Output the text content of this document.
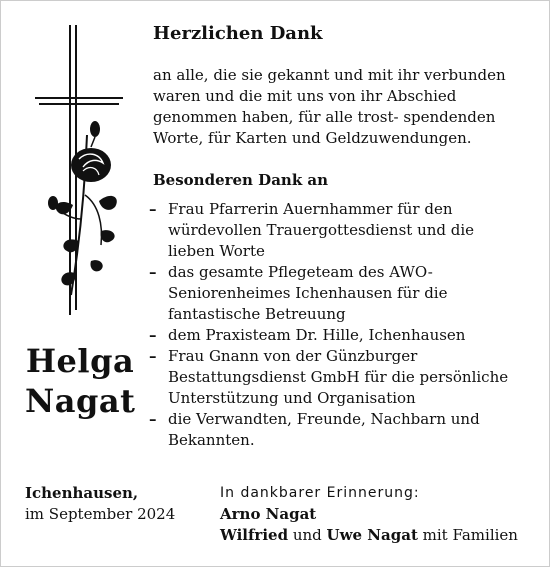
Helga
Nagat
Herzlichen Dank
an alle, die sie gekannt und mit ihr verbunden
waren und die mit uns von ihr Abschied
genommen haben, für alle trost- spendenden
Worte, für Karten und Geldzuwendungen.
Besonderen Dank an
– Frau Pfarrerin Auernhammer für den
würdevollen Trauergottesdienst und die
lieben Worte
– das gesamte Pflegeteam des AWO-
Seniorenheimes Ichenhausen für die
fantastische Betreuung
– dem Praxisteam Dr. Hille, Ichenhausen
– Frau Gnann von der Günzburger
Bestattungsdienst GmbH für die persönliche
Unterstützung und Organisation
– die Verwandten, Freunde, Nachbarn und
Bekannten.
Ichenhausen,
im September 2024
In dankbarer Erinnerung:
Arno Nagat
Wilfried und Uwe Nagat mit Familien
